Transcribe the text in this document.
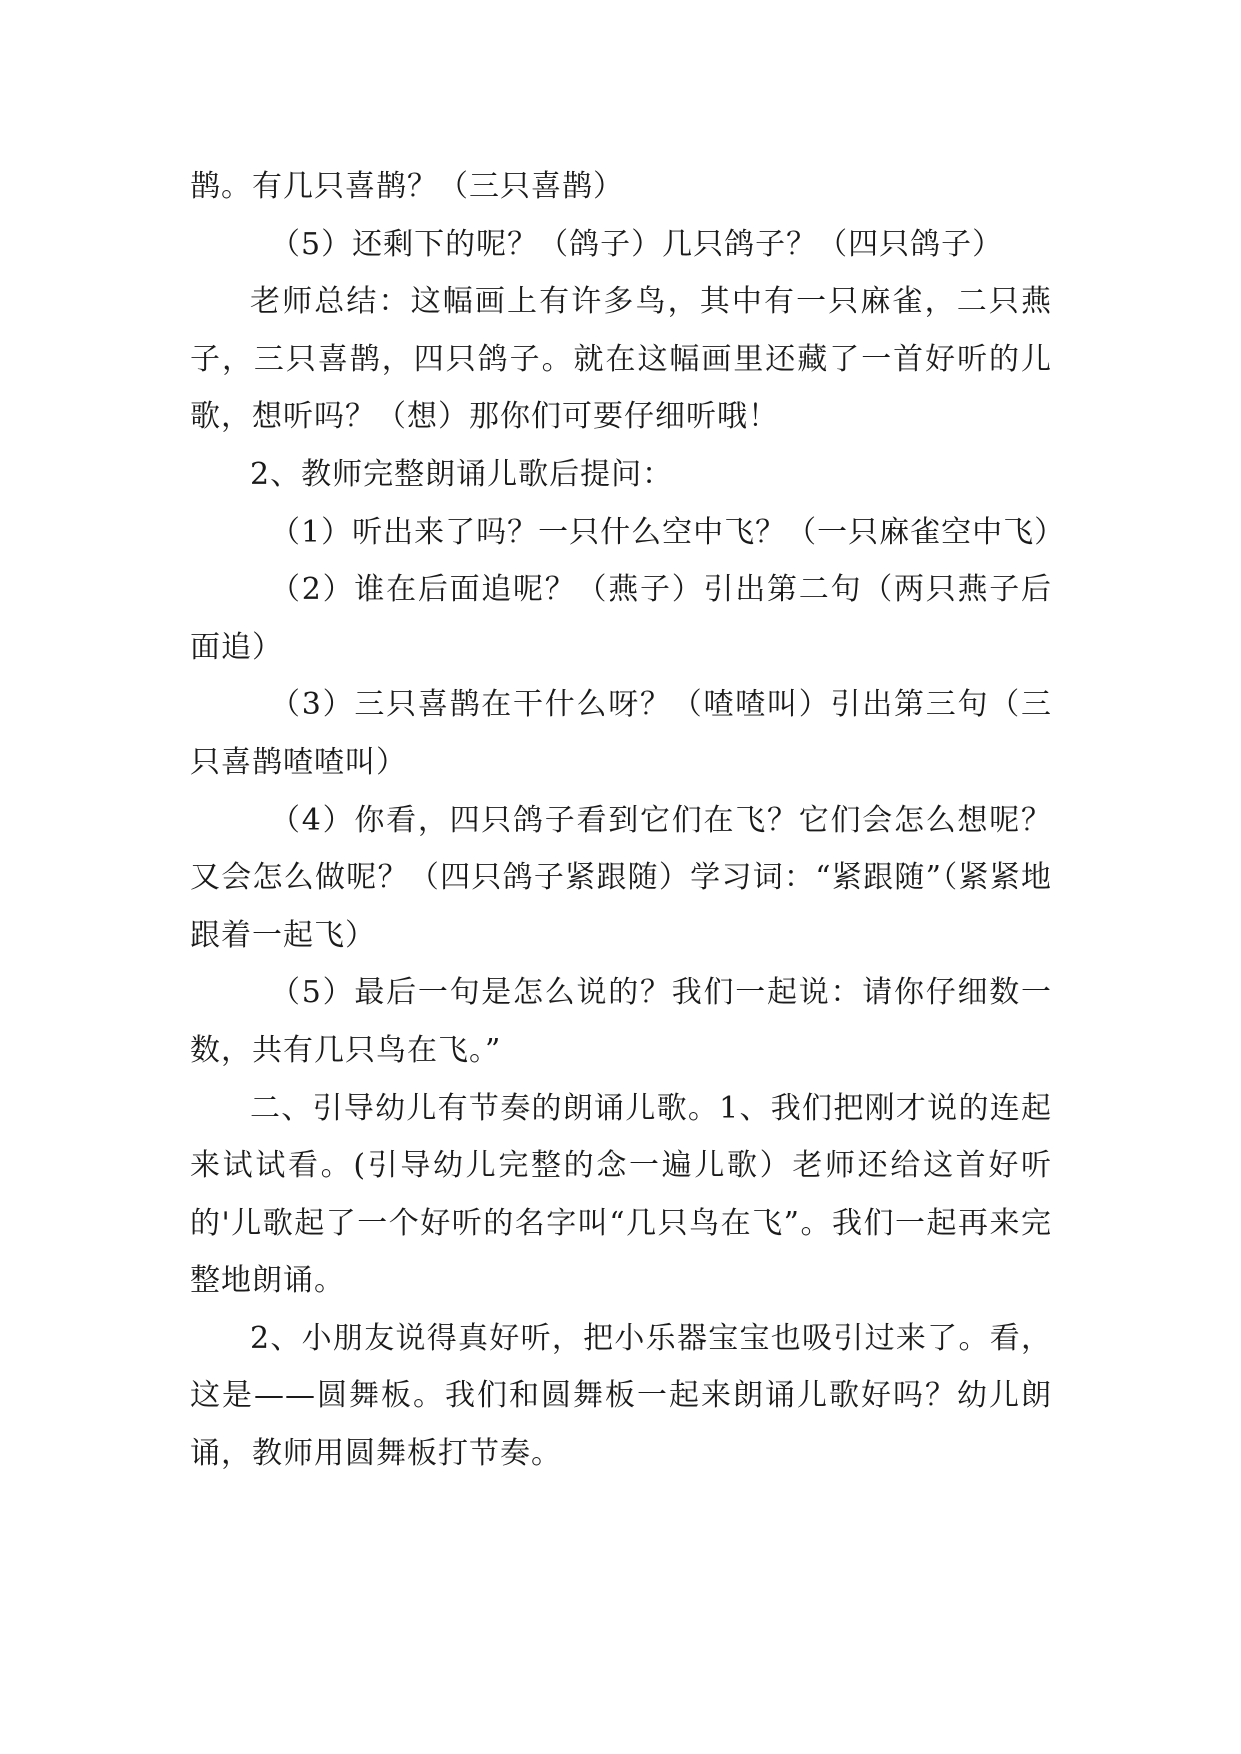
鹊。有几只喜鹊？（三只喜鹊）

（5）还剩下的呢？（鸽子）几只鸽子？（四只鸽子）

老师总结：这幅画上有许多鸟，其中有一只麻雀，二只燕子，三只喜鹊，四只鸽子。就在这幅画里还藏了一首好听的儿歌，想听吗？（想）那你们可要仔细听哦！

2、教师完整朗诵儿歌后提问：

（1）听出来了吗？一只什么空中飞？（一只麻雀空中飞）

（2）谁在后面追呢？（燕子）引出第二句（两只燕子后面追）

（3）三只喜鹊在干什么呀？（喳喳叫）引出第三句（三只喜鹊喳喳叫）

（4）你看，四只鸽子看到它们在飞？它们会怎么想呢？又会怎么做呢？（四只鸽子紧跟随）学习词：“紧跟随”（紧紧地跟着一起飞）

（5）最后一句是怎么说的？我们一起说：请你仔细数一数，共有几只鸟在飞。”

二、引导幼儿有节奏的朗诵儿歌。1、我们把刚才说的连起来试试看。(引导幼儿完整的念一遍儿歌）老师还给这首好听的'儿歌起了一个好听的名字叫“几只鸟在飞”。我们一起再来完整地朗诵。

2、小朋友说得真好听，把小乐器宝宝也吸引过来了。看，这是——圆舞板。我们和圆舞板一起来朗诵儿歌好吗？幼儿朗诵，教师用圆舞板打节奏。
